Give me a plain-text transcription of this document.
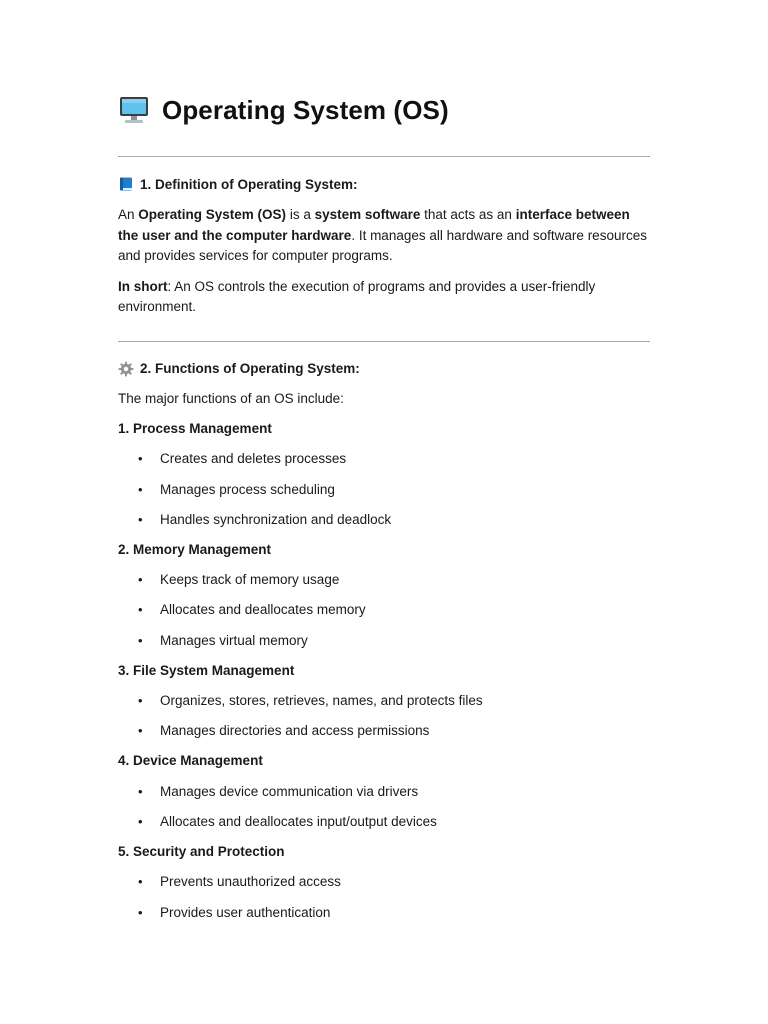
Operating System (OS)
1. Definition of Operating System:

An Operating System (OS) is a system software that acts as an interface between the user and the computer hardware. It manages all hardware and software resources and provides services for computer programs.

In short: An OS controls the execution of programs and provides a user-friendly environment.

2. Functions of Operating System:

The major functions of an OS include:

1. Process Management
• Creates and deletes processes
• Manages process scheduling
• Handles synchronization and deadlock
2. Memory Management
• Keeps track of memory usage
• Allocates and deallocates memory
• Manages virtual memory
3. File System Management
• Organizes, stores, retrieves, names, and protects files
• Manages directories and access permissions
4. Device Management
• Manages device communication via drivers
• Allocates and deallocates input/output devices
5. Security and Protection
• Prevents unauthorized access
• Provides user authentication
